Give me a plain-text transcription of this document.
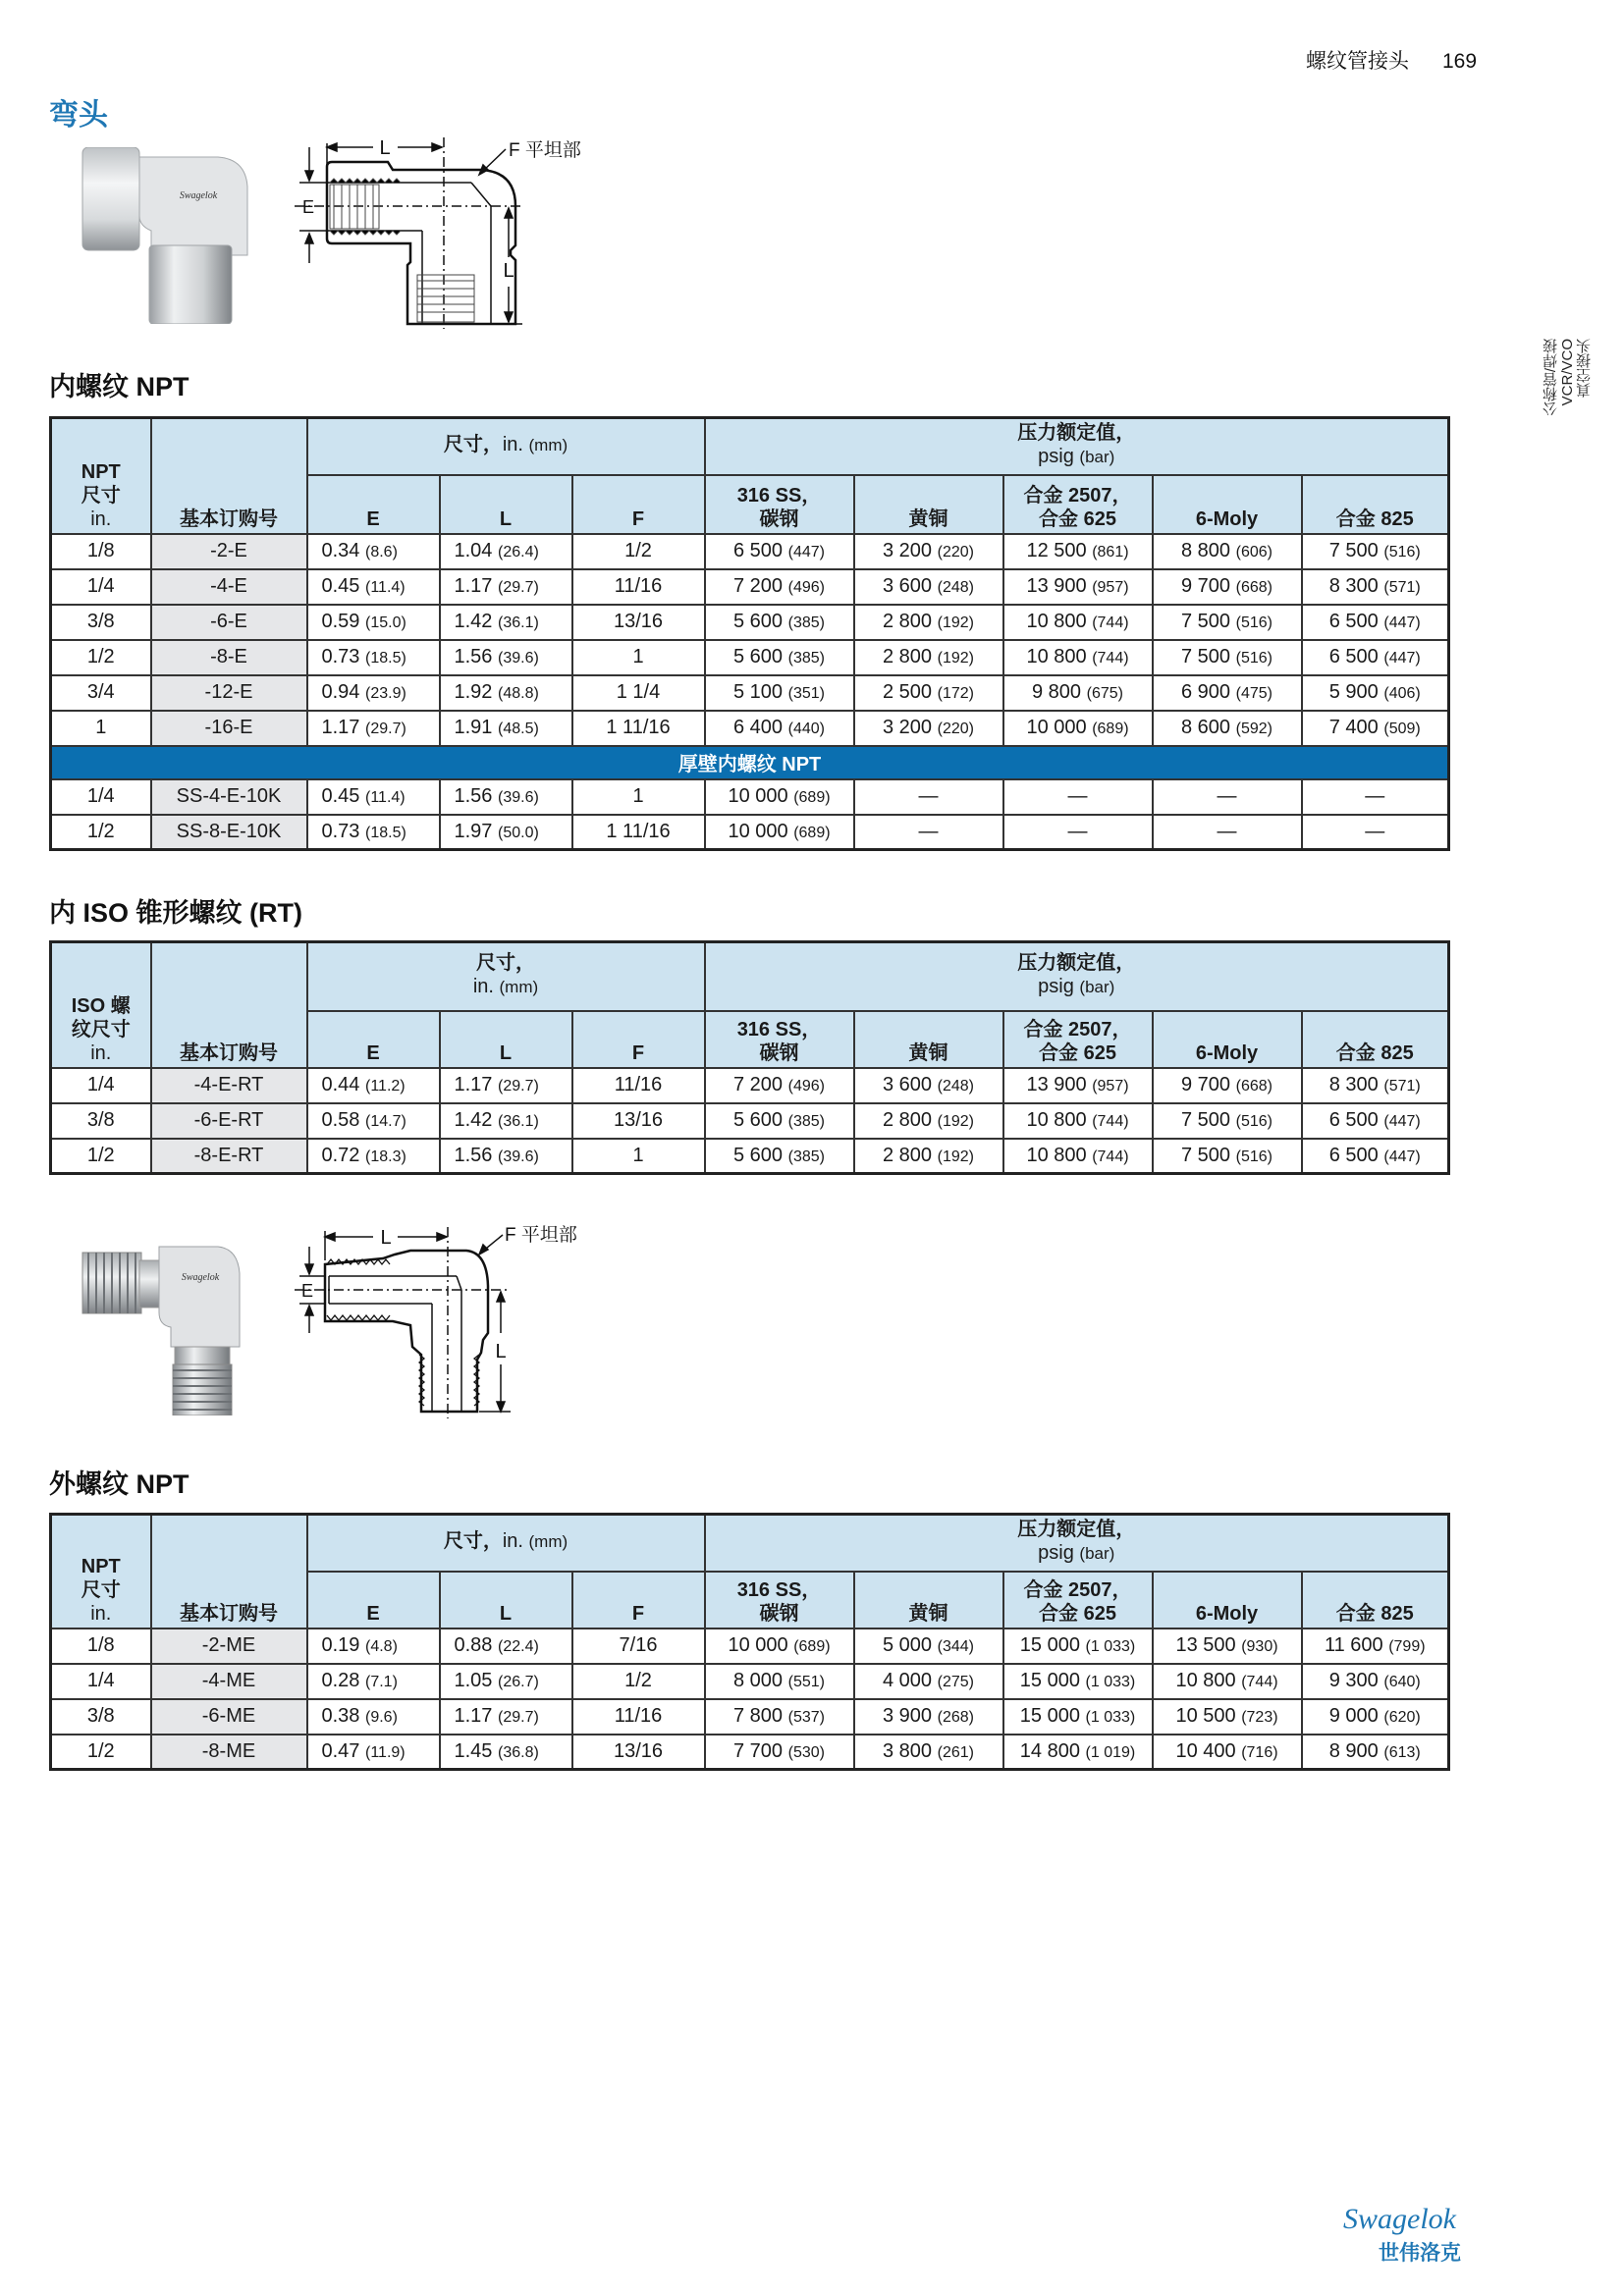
螺纹管接头 169
公称管/焊接 VCR/VCO 真空接头
弯头
Swagelok
L
E
L
F 平坦部
内螺纹 NPT
NPT
尺寸
in.	基本订购号	尺寸，in. (mm)			压力额定值，
psig (bar)				
		E	L	F	316 SS，
碳钢	黄铜	合金 2507，
合金 625	6-Moly	合金 825
1/8	-2-E	0.34 (8.6)	1.04 (26.4)	1/2	6 500 (447)	3 200 (220)	12 500 (861)	8 800 (606)	7 500 (516)
1/4	-4-E	0.45 (11.4)	1.17 (29.7)	11/16	7 200 (496)	3 600 (248)	13 900 (957)	9 700 (668)	8 300 (571)
3/8	-6-E	0.59 (15.0)	1.42 (36.1)	13/16	5 600 (385)	2 800 (192)	10 800 (744)	7 500 (516)	6 500 (447)
1/2	-8-E	0.73 (18.5)	1.56 (39.6)	1	5 600 (385)	2 800 (192)	10 800 (744)	7 500 (516)	6 500 (447)
3/4	-12-E	0.94 (23.9)	1.92 (48.8)	1 1/4	5 100 (351)	2 500 (172)	9 800 (675)	6 900 (475)	5 900 (406)
1	-16-E	1.17 (29.7)	1.91 (48.5)	1 11/16	6 400 (440)	3 200 (220)	10 000 (689)	8 600 (592)	7 400 (509)
厚壁内螺纹 NPT									
1/4	SS-4-E-10K	0.45 (11.4)	1.56 (39.6)	1	10 000 (689)	—	—	—	—
1/2	SS-8-E-10K	0.73 (18.5)	1.97 (50.0)	1 11/16	10 000 (689)	—	—	—	—
内 ISO 锥形螺纹 (RT)
ISO 螺
纹尺寸
in.	基本订购号	尺寸，
in. (mm)			压力额定值，
psig (bar)				
		E	L	F	316 SS，
碳钢	黄铜	合金 2507，
合金 625	6-Moly	合金 825
1/4	-4-E-RT	0.44 (11.2)	1.17 (29.7)	11/16	7 200 (496)	3 600 (248)	13 900 (957)	9 700 (668)	8 300 (571)
3/8	-6-E-RT	0.58 (14.7)	1.42 (36.1)	13/16	5 600 (385)	2 800 (192)	10 800 (744)	7 500 (516)	6 500 (447)
1/2	-8-E-RT	0.72 (18.3)	1.56 (39.6)	1	5 600 (385)	2 800 (192)	10 800 (744)	7 500 (516)	6 500 (447)
Swagelok
L
E
L
F 平坦部
外螺纹 NPT
NPT
尺寸
in.	基本订购号	尺寸，in. (mm)			压力额定值，
psig (bar)				
		E	L	F	316 SS，
碳钢	黄铜	合金 2507，
合金 625	6-Moly	合金 825
1/8	-2-ME	0.19 (4.8)	0.88 (22.4)	7/16	10 000 (689)	5 000 (344)	15 000 (1 033)	13 500 (930)	11 600 (799)
1/4	-4-ME	0.28 (7.1)	1.05 (26.7)	1/2	8 000 (551)	4 000 (275)	15 000 (1 033)	10 800 (744)	9 300 (640)
3/8	-6-ME	0.38 (9.6)	1.17 (29.7)	11/16	7 800 (537)	3 900 (268)	15 000 (1 033)	10 500 (723)	9 000 (620)
1/2	-8-ME	0.47 (11.9)	1.45 (36.8)	13/16	7 700 (530)	3 800 (261)	14 800 (1 019)	10 400 (716)	8 900 (613)
Swagelok
世伟洛克
